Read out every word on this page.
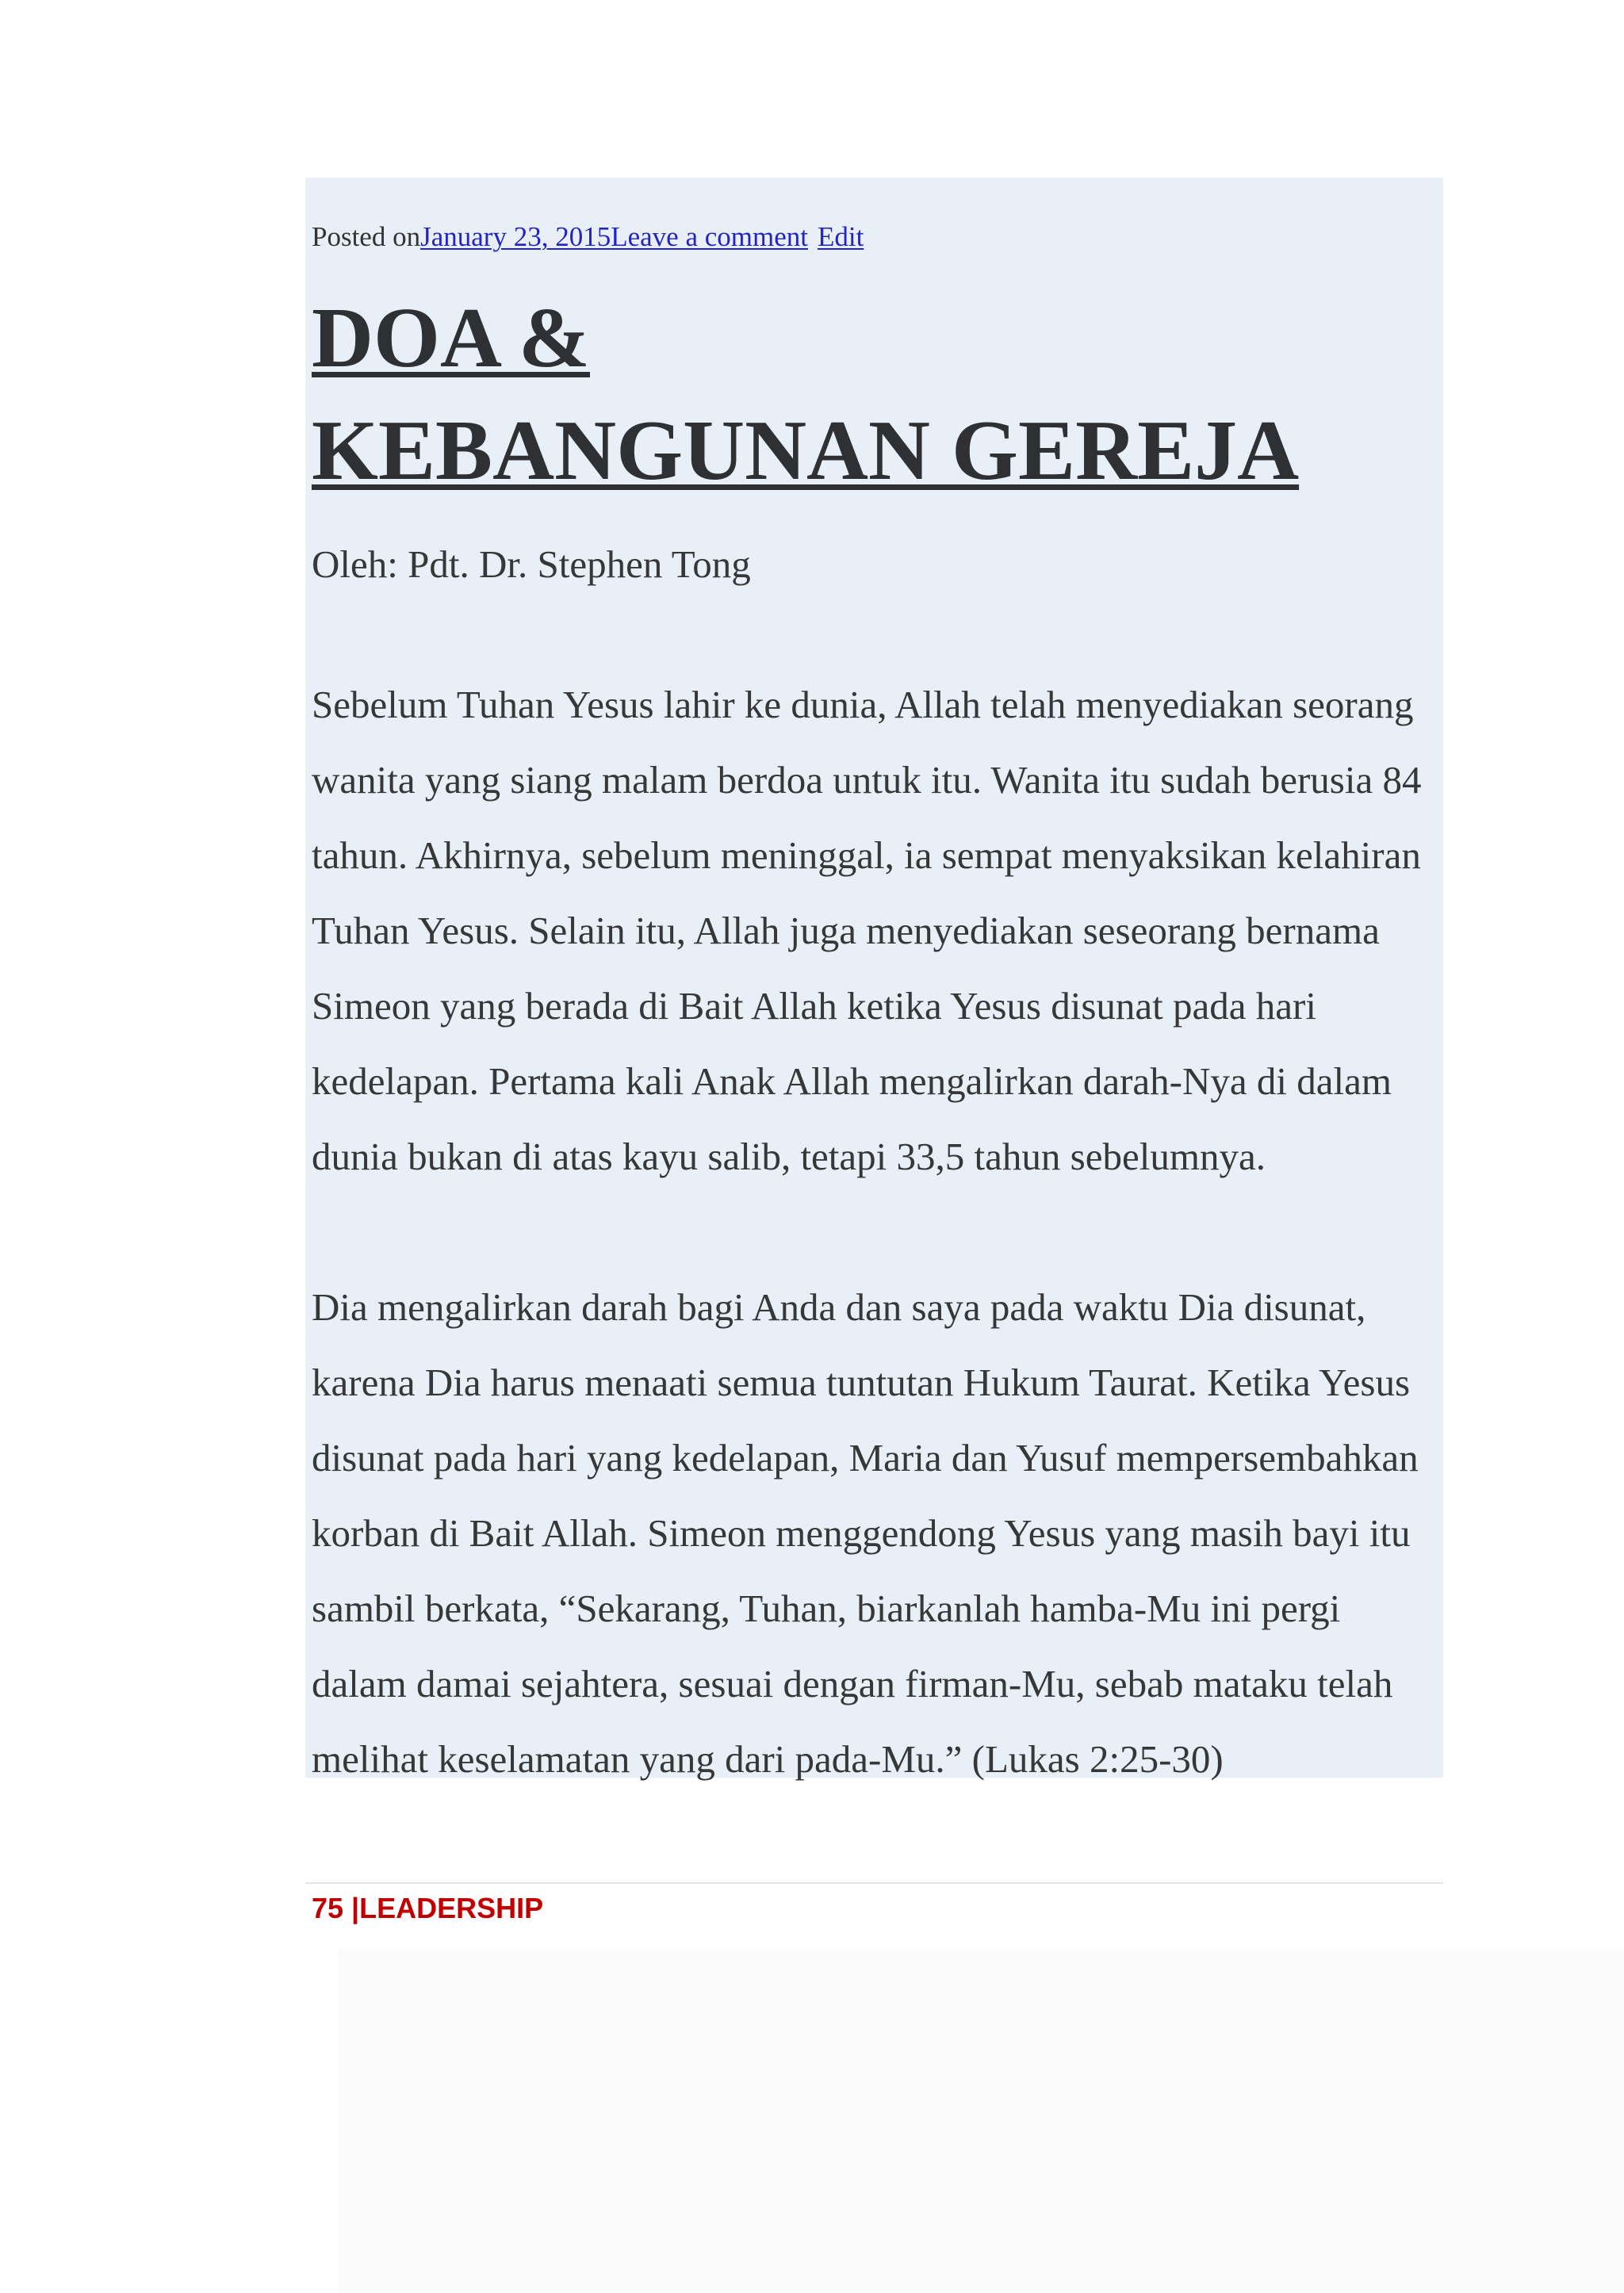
Posted onJanuary 23, 2015Leave a comment Edit
DOA &
KEBANGUNAN GEREJA
Oleh: Pdt. Dr. Stephen Tong
Sebelum Tuhan Yesus lahir ke dunia, Allah telah menyediakan seorang
wanita yang siang malam berdoa untuk itu. Wanita itu sudah berusia 84
tahun. Akhirnya, sebelum meninggal, ia sempat menyaksikan kelahiran
Tuhan Yesus. Selain itu, Allah juga menyediakan seseorang bernama
Simeon yang berada di Bait Allah ketika Yesus disunat pada hari
kedelapan. Pertama kali Anak Allah mengalirkan darah-Nya di dalam
dunia bukan di atas kayu salib, tetapi 33,5 tahun sebelumnya.
Dia mengalirkan darah bagi Anda dan saya pada waktu Dia disunat,
karena Dia harus menaati semua tuntutan Hukum Taurat. Ketika Yesus
disunat pada hari yang kedelapan, Maria dan Yusuf mempersembahkan
korban di Bait Allah. Simeon menggendong Yesus yang masih bayi itu
sambil berkata, “Sekarang, Tuhan, biarkanlah hamba-Mu ini pergi
dalam damai sejahtera, sesuai dengan firman-Mu, sebab mataku telah
melihat keselamatan yang dari pada-Mu.” (Lukas 2:25-30)
75 |LEADERSHIP
